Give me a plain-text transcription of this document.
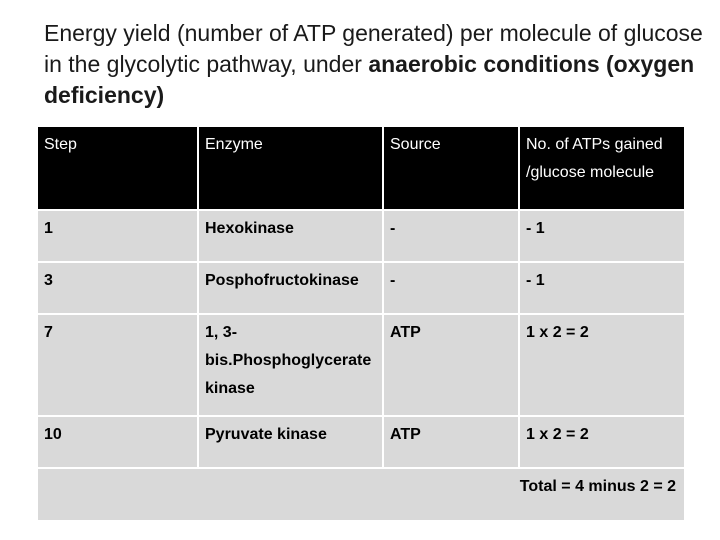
Energy yield (number of ATP generated) per molecule of glucose in the glycolytic pathway, under anaerobic conditions (oxygen deficiency)
Step	Enzyme	Source	No. of ATPs gained /glucose molecule
1	Hexokinase	-	- 1
3	Posphofructokinase	-	- 1
7	1, 3-bis.Phosphoglycerate kinase	ATP	1 x 2 = 2
10	Pyruvate kinase	ATP	1 x 2 = 2
Total = 4 minus 2 = 2			
